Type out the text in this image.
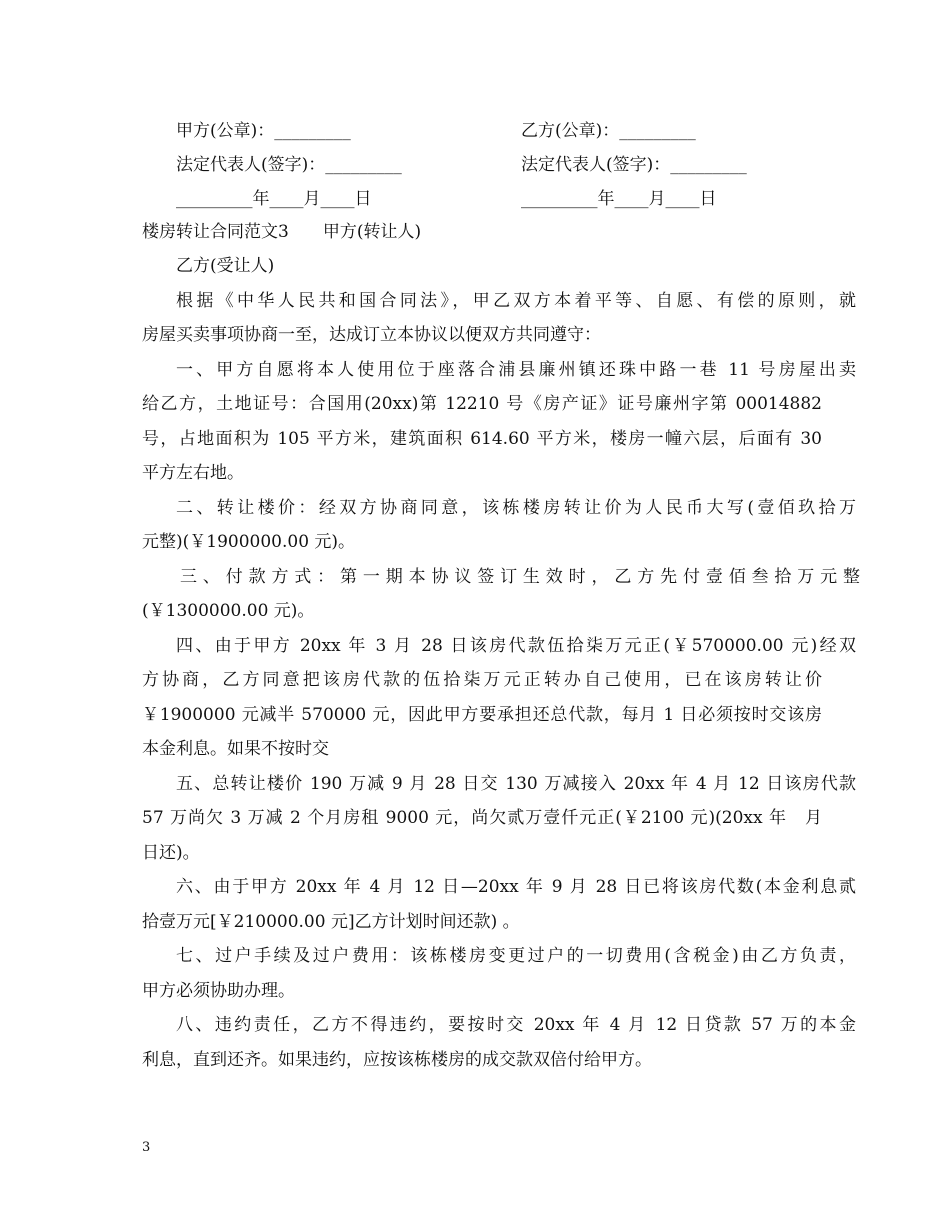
甲方(公章)：_________	乙方(公章)：_________
法定代表人(签字)：_________	法定代表人(签字)：_________
_________年____月____日	_________年____月____日
楼房转让合同范文3　　甲方(转让人)
乙方(受让人)
根据《中华人民共和国合同法》，甲乙双方本着平等、自愿、有偿的原则，就
房屋买卖事项协商一至，达成订立本协议以便双方共同遵守：
一、甲方自愿将本人使用位于座落合浦县廉州镇还珠中路一巷 11 号房屋出卖
给乙方，土地证号：合国用(20xx)第 12210 号《房产证》证号廉州字第 00014882
号，占地面积为 105 平方米，建筑面积 614.60 平方米，楼房一幢六层，后面有 30
平方左右地。
二、转让楼价：经双方协商同意，该栋楼房转让价为人民币大写(壹佰玖拾万
元整)(￥1900000.00 元)。
三、付款方式：第一期本协议签订生效时，乙方先付壹佰叁拾万元整
(￥1300000.00 元)。
四、由于甲方 20xx 年 3 月 28 日该房代款伍拾柒万元正(￥570000.00 元)经双
方协商，乙方同意把该房代款的伍拾柒万元正转办自己使用，已在该房转让价
￥1900000 元减半 570000 元，因此甲方要承担还总代款，每月 1 日必须按时交该房
本金利息。如果不按时交
五、总转让楼价 190 万减 9 月 28 日交 130 万减接入 20xx 年 4 月 12 日该房代款
57 万尚欠 3 万减 2 个月房租 9000 元，尚欠贰万壹仟元正(￥2100 元)(20xx 年　月
日还)。
六、由于甲方 20xx 年 4 月 12 日—20xx 年 9 月 28 日已将该房代数(本金利息贰
拾壹万元[￥210000.00 元]乙方计划时间还款) 。
七、过户手续及过户费用：该栋楼房变更过户的一切费用(含税金)由乙方负责，
甲方必须协助办理。
八、违约责任，乙方不得违约，要按时交 20xx 年 4 月 12 日贷款 57 万的本金
利息，直到还齐。如果违约，应按该栋楼房的成交款双倍付给甲方。
3
